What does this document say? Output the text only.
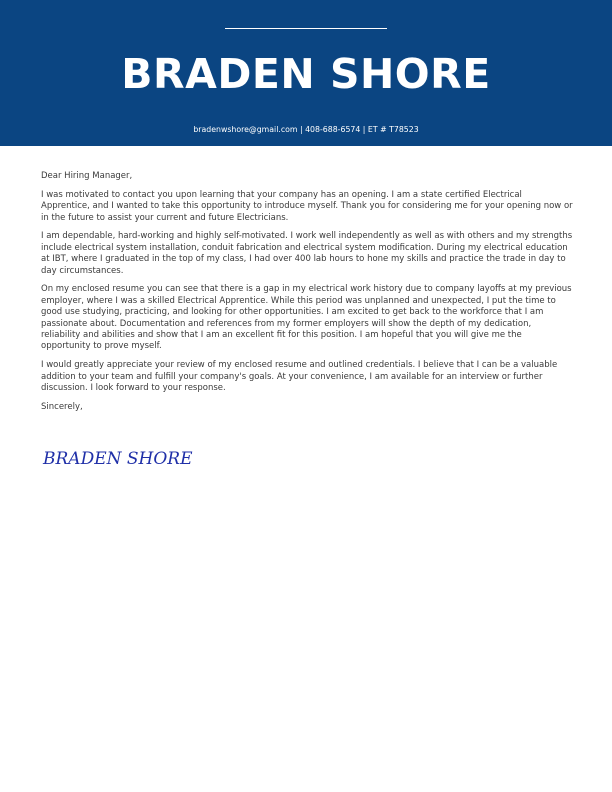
BRADEN SHORE
bradenwshore@gmail.com | 408-688-6574 | ET # T78523

Dear Hiring Manager,

I was motivated to contact you upon learning that your company has an opening. I am a state certified Electrical Apprentice, and I wanted to take this opportunity to introduce myself. Thank you for considering me for your opening now or in the future to assist your current and future Electricians.

I am dependable, hard-working and highly self-motivated. I work well independently as well as with others and my strengths include electrical system installation, conduit fabrication and electrical system modification. During my electrical education at IBT, where I graduated in the top of my class, I had over 400 lab hours to hone my skills and practice the trade in day to day circumstances.

On my enclosed resume you can see that there is a gap in my electrical work history due to company layoffs at my previous employer, where I was a skilled Electrical Apprentice. While this period was unplanned and unexpected, I put the time to good use studying, practicing, and looking for other opportunities. I am excited to get back to the workforce that I am passionate about. Documentation and references from my former employers will show the depth of my dedication, reliability and abilities and show that I am an excellent fit for this position. I am hopeful that you will give me the opportunity to prove myself.

I would greatly appreciate your review of my enclosed resume and outlined credentials. I believe that I can be a valuable addition to your team and fulfill your company's goals. At your convenience, I am available for an interview or further discussion. I look forward to your response.

Sincerely,

BRADEN SHORE
